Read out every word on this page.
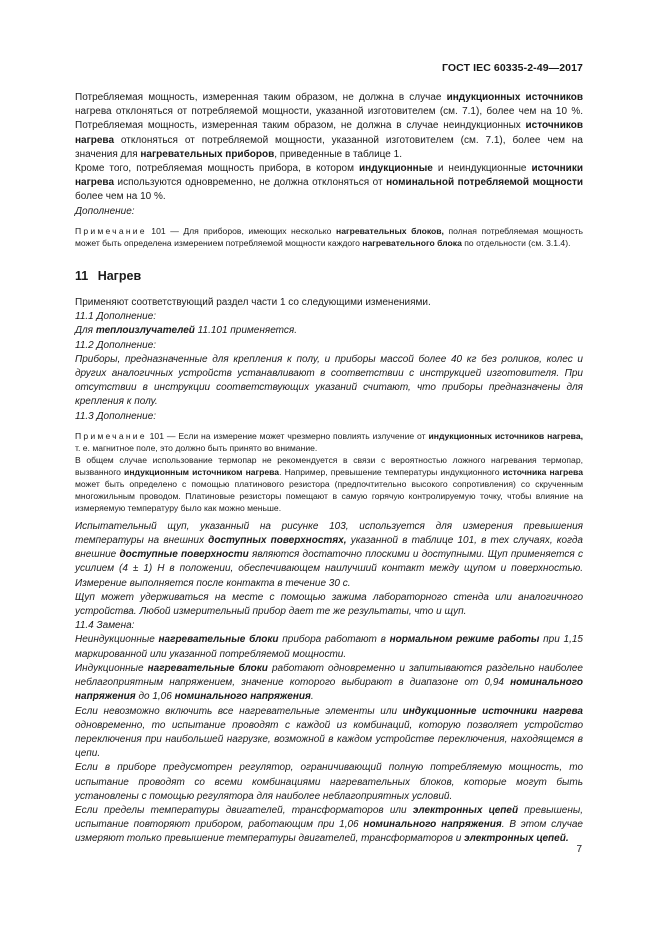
ГОСТ IEC 60335-2-49—2017

Потребляемая мощность, измеренная таким образом, не должна в случае индукционных источников нагрева отклоняться от потребляемой мощности, указанной изготовителем (см. 7.1), более чем на 10 %. Потребляемая мощность, измеренная таким образом, не должна в случае неиндукционных источников нагрева отклоняться от потребляемой мощности, указанной изготовителем (см. 7.1), более чем на значения для нагревательных приборов, приведенные в таблице 1.

Кроме того, потребляемая мощность прибора, в котором индукционные и неиндукционные источники нагрева используются одновременно, не должна отклоняться от номинальной потребляемой мощности более чем на 10 %.

Дополнение:

Примечание 101 — Для приборов, имеющих несколько нагревательных блоков, полная потребляемая мощность может быть определена измерением потребляемой мощности каждого нагревательного блока по отдельности (см. 3.1.4).

11 Нагрев

Применяют соответствующий раздел части 1 со следующими изменениями.

11.1 Дополнение:

Для теплоизлучателей 11.101 применяется.

11.2 Дополнение:

Приборы, предназначенные для крепления к полу, и приборы массой более 40 кг без роликов, колес и других аналогичных устройств устанавливают в соответствии с инструкцией изготовителя. При отсутствии в инструкции соответствующих указаний считают, что приборы предназначены для крепления к полу.

11.3 Дополнение:

Примечание 101 — Если на измерение может чрезмерно повлиять излучение от индукционных источников нагрева, т. е. магнитное поле, это должно быть принято во внимание.

В общем случае использование термопар не рекомендуется в связи с вероятностью ложного нагревания термопар, вызванного индукционным источником нагрева. Например, превышение температуры индукционного источника нагрева может быть определено с помощью платинового резистора (предпочтительно высокого сопротивления) со скрученным многожильным проводом. Платиновые резисторы помещают в самую горячую контролируемую точку, чтобы влияние на измеряемую температуру было как можно меньше.

Испытательный щуп, указанный на рисунке 103, используется для измерения превышения температуры на внешних доступных поверхностях, указанной в таблице 101, в тех случаях, когда внешние доступные поверхности являются достаточно плоскими и доступными. Щуп применяется с усилием (4 ± 1) Н в положении, обеспечивающем наилучший контакт между щупом и поверхностью. Измерение выполняется после контакта в течение 30 с.

Щуп может удерживаться на месте с помощью зажима лабораторного стенда или аналогичного устройства. Любой измерительный прибор дает те же результаты, что и щуп.

11.4 Замена:

Неиндукционные нагревательные блоки прибора работают в нормальном режиме работы при 1,15 маркированной или указанной потребляемой мощности.

Индукционные нагревательные блоки работают одновременно и запитываются раздельно наиболее неблагоприятным напряжением, значение которого выбирают в диапазоне от 0,94 номинального напряжения до 1,06 номинального напряжения.

Если невозможно включить все нагревательные элементы или индукционные источники нагрева одновременно, то испытание проводят с каждой из комбинаций, которую позволяет устройство переключения при наибольшей нагрузке, возможной в каждом устройстве переключения, находящемся в цепи.

Если в приборе предусмотрен регулятор, ограничивающий полную потребляемую мощность, то испытание проводят со всеми комбинациями нагревательных блоков, которые могут быть установлены с помощью регулятора для наиболее неблагоприятных условий.

Если пределы температуры двигателей, трансформаторов или электронных цепей превышены, испытание повторяют прибором, работающим при 1,06 номинального напряжения. В этом случае измеряют только превышение температуры двигателей, трансформаторов и электронных цепей.

7
